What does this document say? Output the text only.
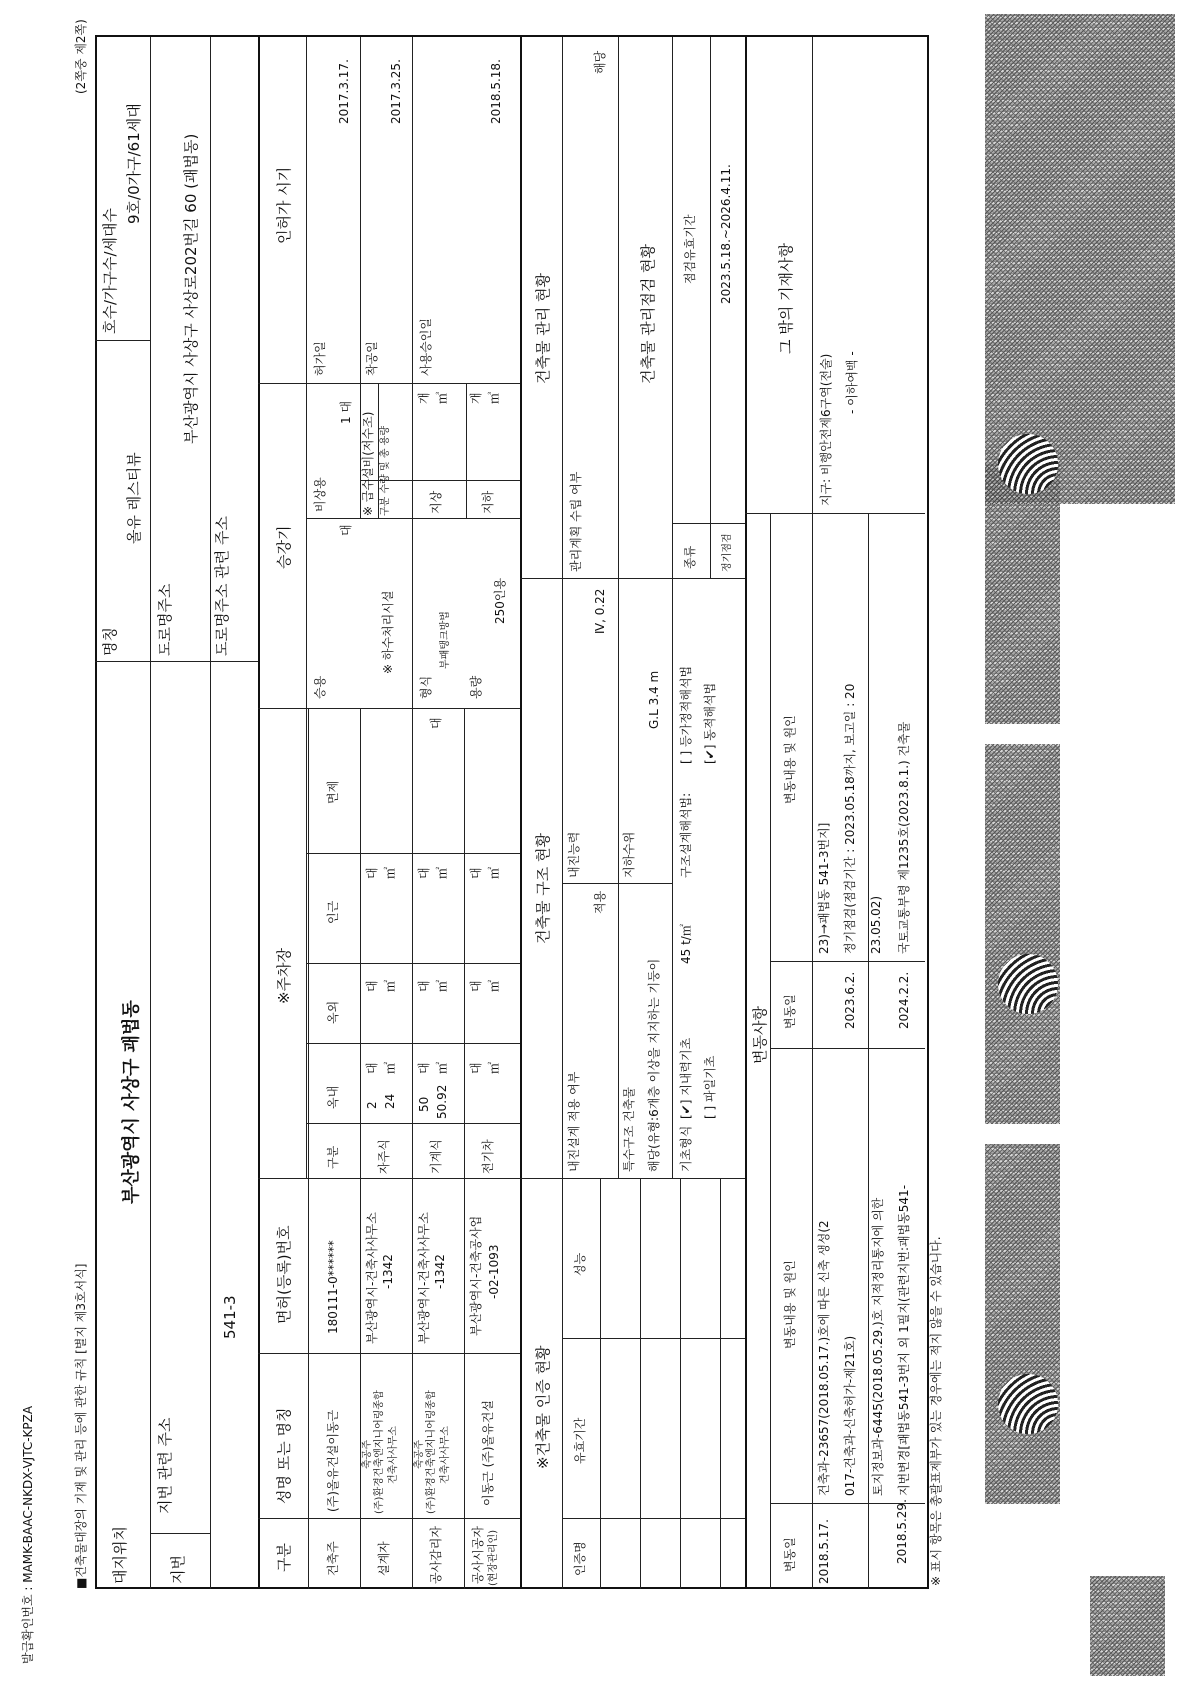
발급확인번호 : MAMK-BAAC-NKDX-VJTC-KPZA	■건축물대장의 기재 및 관리 등에 관한 규칙 [별지 제3호서식]
(2쪽중 제2쪽)
대지위치
부산광역시 사상구 괘법동
명칭
올유 레스티뷰
호수/가구수/세대수
9호/0가구/61세대
지번
지번 관련 주소
541-3
도로명주소
부산광역시 사상구 사상로202번길 60 (괘법동)
도로명주소 관련 주소
구분
성명 또는 명칭
면허(등록)번호
건축주
(주)올유건설이동근
180111-0******
설계자
축공주 (주)환경건축엔지니어링종합 건축사사무소
부산광역시-건축사사무소 -1342
공사감리자
축공주 (주)환경건축엔지니어링종합 건축사사무소
부산광역시-건축사사무소 -1342
공사시공자 (현장관리인)
이동근 (주)올유건설
부산광역시-건축공사업 -02-1093
※주차장
구분
옥내
옥외
인근
면제
자주식
2
대
24
㎡
기계식
50
대
50.92
㎡
전기차
대 ㎡
대 ㎡ 대 ㎡ 대 ㎡
대 ㎡ 대 ㎡ 대 ㎡
대
승강기
승용
대
비상용
1 대
※ 하수처리시설
형식
부패탱크방법
용량
250인용
※ 급수설비(저수조) 구분 수량 및 총 용량	지상
개 ㎥
지하
개 ㎥
인허가 시기
허가일
2017.3.17.
착공일
2017.3.25.
사용승인일
2018.5.18.
※건축물 인증 현황
인증명
유효기간
성능
건축물 구조 현황
내진설계 적용 여부
적용
내진능력
Ⅳ, 0.22
특수구조 건축물 해당(유형:6개층 이상을 지지하는 기둥이
지하수위
G.L 3.4 m
기초형식
[✔] 지내력기초
45 t/㎡
[ ] 파일기초
구조설계해석법:
[ ] 등가정적해석법 [✔] 동적해석법
건축물 관리 현황
관리계획 수립 여부
해당
건축물 관리점검 현황
종류
점검유효기간
정기점검
2023.5.18.~2026.4.11.
변동사항
변동일
변동내용 및 원인
변동일
변동내용 및 원인
2018.5.17.
건축과-23657(2018.05.17.)호에 따른 신축 생성(2 017-건축과-신축허가-제21호)
2018.5.29.
토지정보과-6445(2018.05.29.)호 지적정리통지에 의한 지번변경[괘법동541-3번지 외 1필지(관련지번:괘법동541-
2023.6.2.
23)→괘법동 541-3번지] 정기점검(점검기간 : 2023.05.18까지, 보고일 : 20 23.05.02)
2024.2.2.
국토교통부령 제1235호(2023.8.1.) 건축물
그 밖의 기재사항
지구: 비행안전제6구역(전술) - 이하여백 -
※ 표시 항목은 총괄표제부가 있는 경우에는 적지 않을 수 있습니다.
